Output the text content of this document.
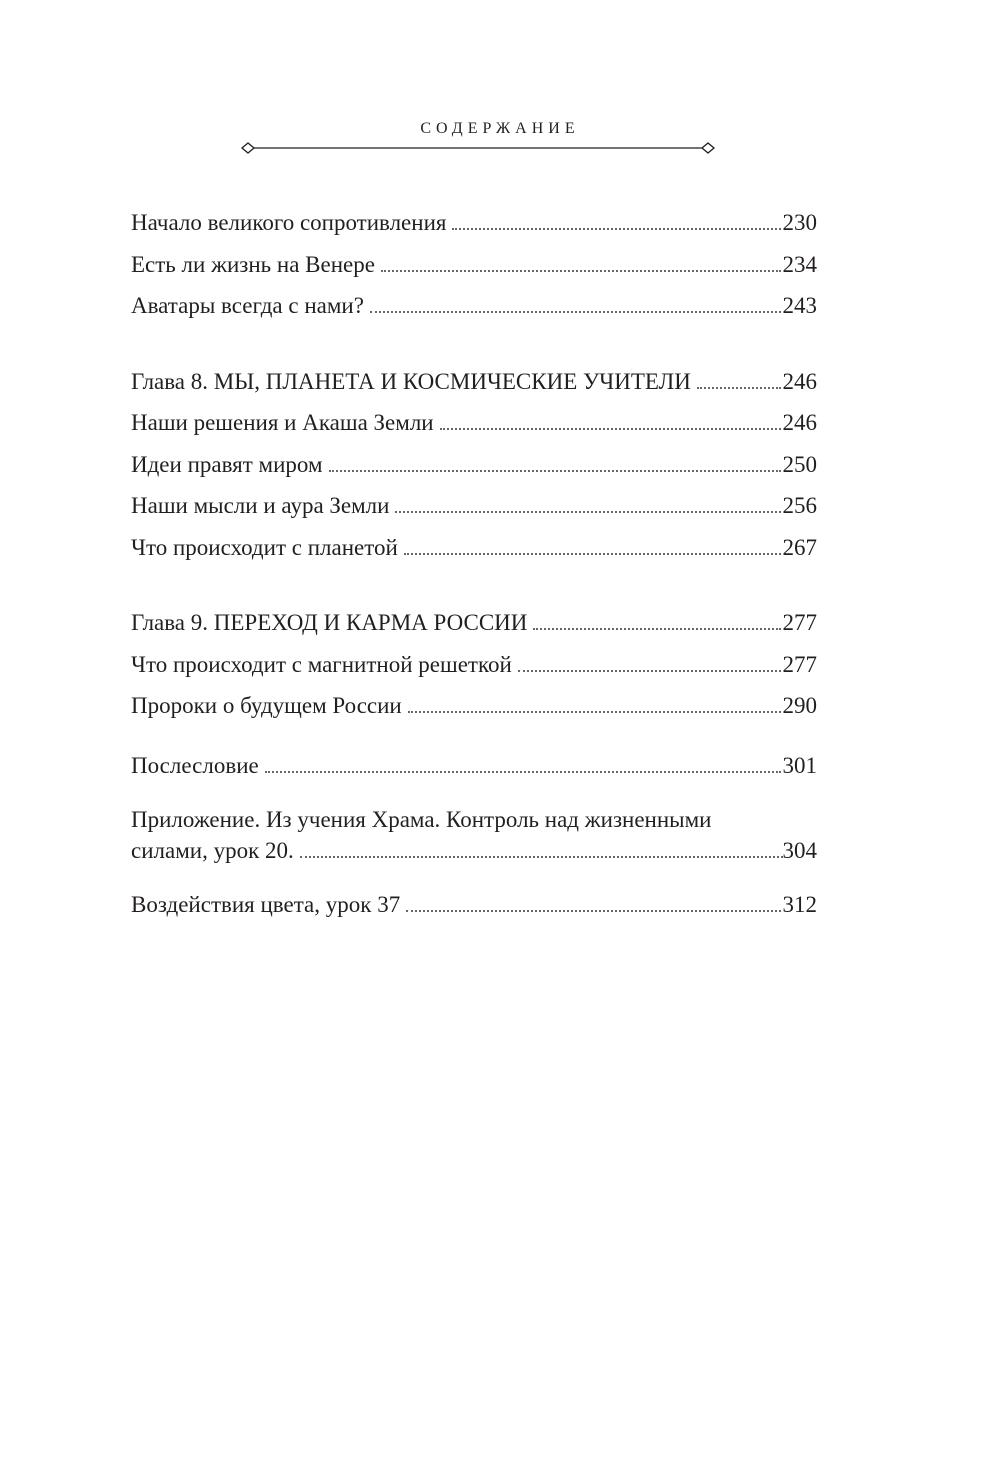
СОДЕРЖАНИЕ
Начало великого сопротивления	230
Есть ли жизнь на Венере	234
Аватары всегда с нами?	243
Глава 8. МЫ, ПЛАНЕТА И КОСМИЧЕСКИЕ УЧИТЕЛИ	246
Наши решения и Акаша Земли	246
Идеи правят миром	250
Наши мысли и аура Земли	256
Что происходит с планетой	267
Глава 9. ПЕРЕХОД И КАРМА РОССИИ	277
Что происходит с магнитной решеткой	277
Пророки о будущем России	290
Послесловие	301
Приложение. Из учения Храма. Контроль над жизненными
силами, урок 20.	304
Воздействия цвета, урок 37	312
